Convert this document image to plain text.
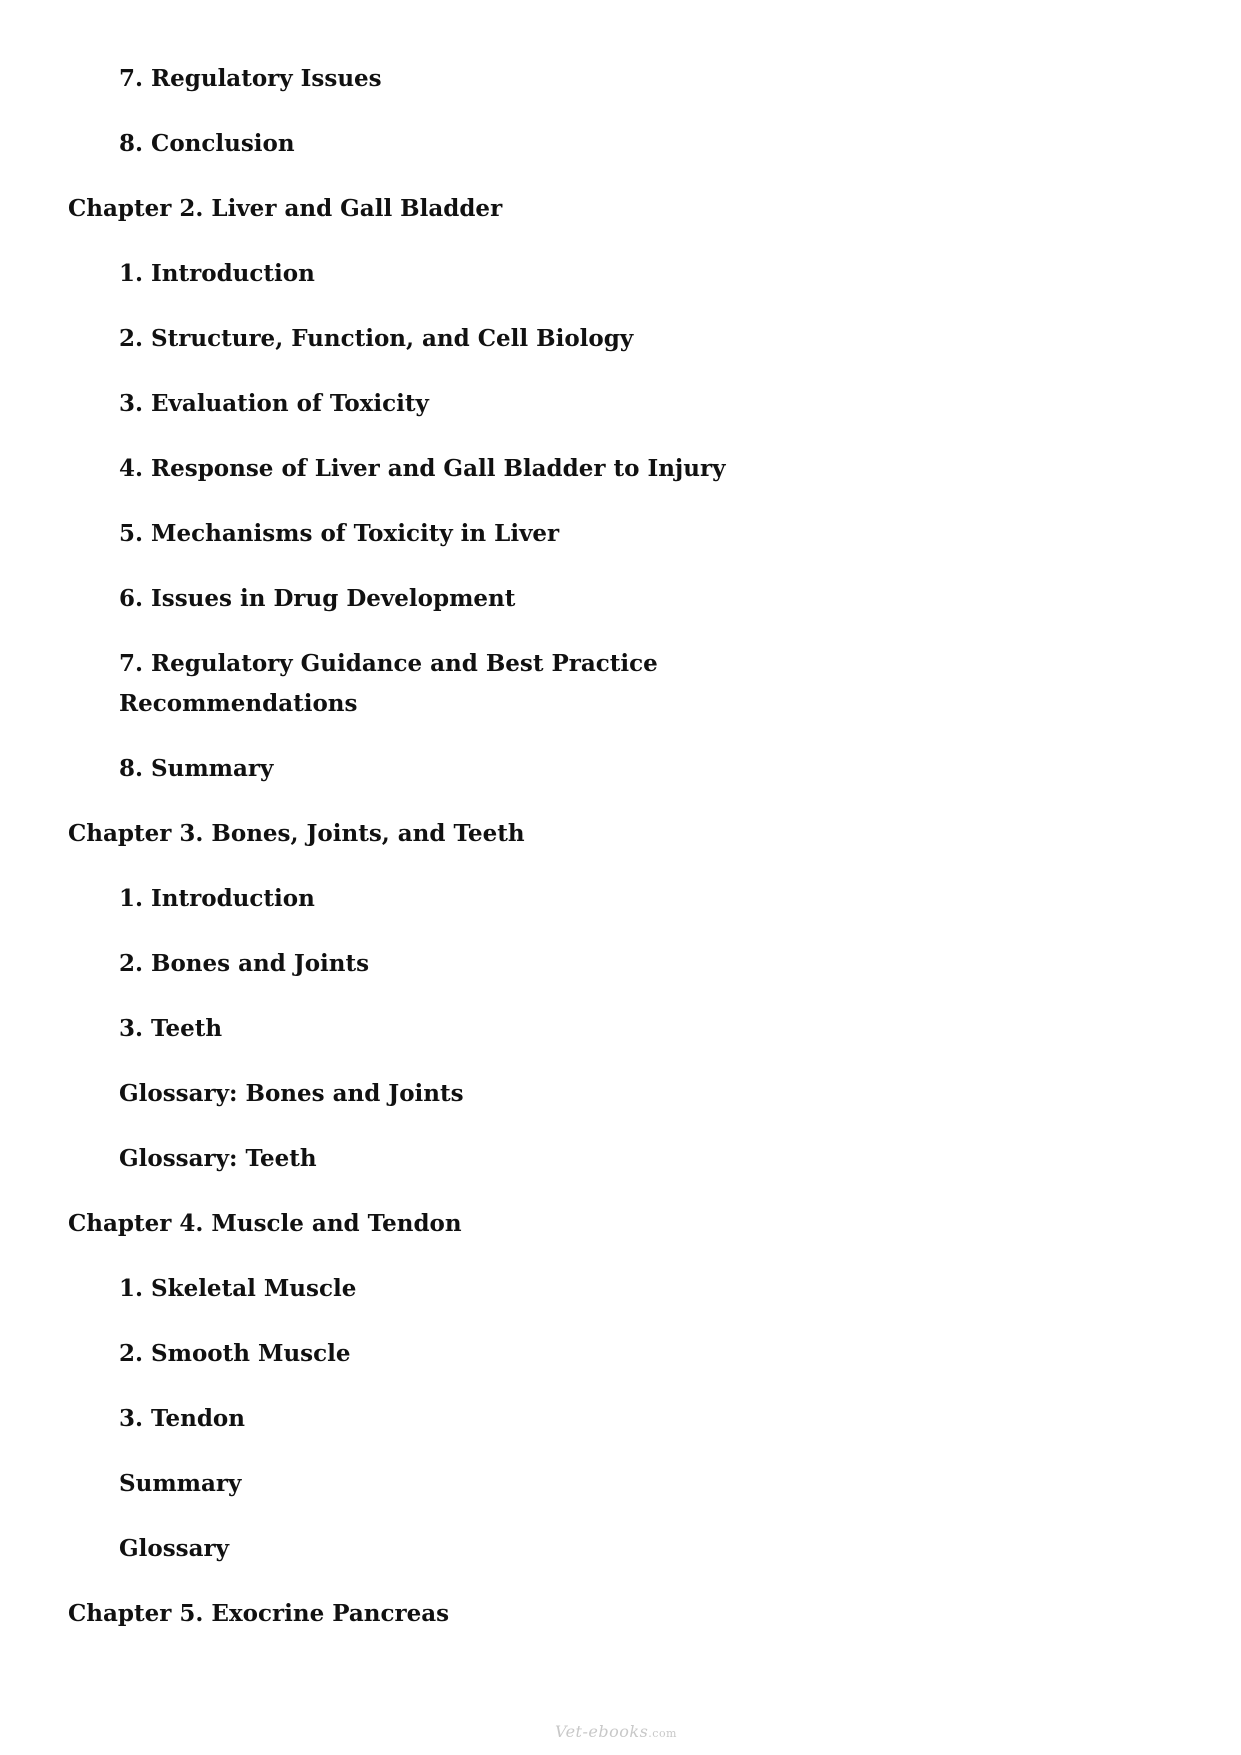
7. Regulatory Issues

8. Conclusion

Chapter 2. Liver and Gall Bladder

1. Introduction

2. Structure, Function, and Cell Biology

3. Evaluation of Toxicity

4. Response of Liver and Gall Bladder to Injury

5. Mechanisms of Toxicity in Liver

6. Issues in Drug Development

7. Regulatory Guidance and Best Practice

Recommendations

8. Summary

Chapter 3. Bones, Joints, and Teeth

1. Introduction

2. Bones and Joints

3. Teeth

Glossary: Bones and Joints

Glossary: Teeth

Chapter 4. Muscle and Tendon

1. Skeletal Muscle

2. Smooth Muscle

3. Tendon

Summary

Glossary

Chapter 5. Exocrine Pancreas

Vet-ebooks.com
